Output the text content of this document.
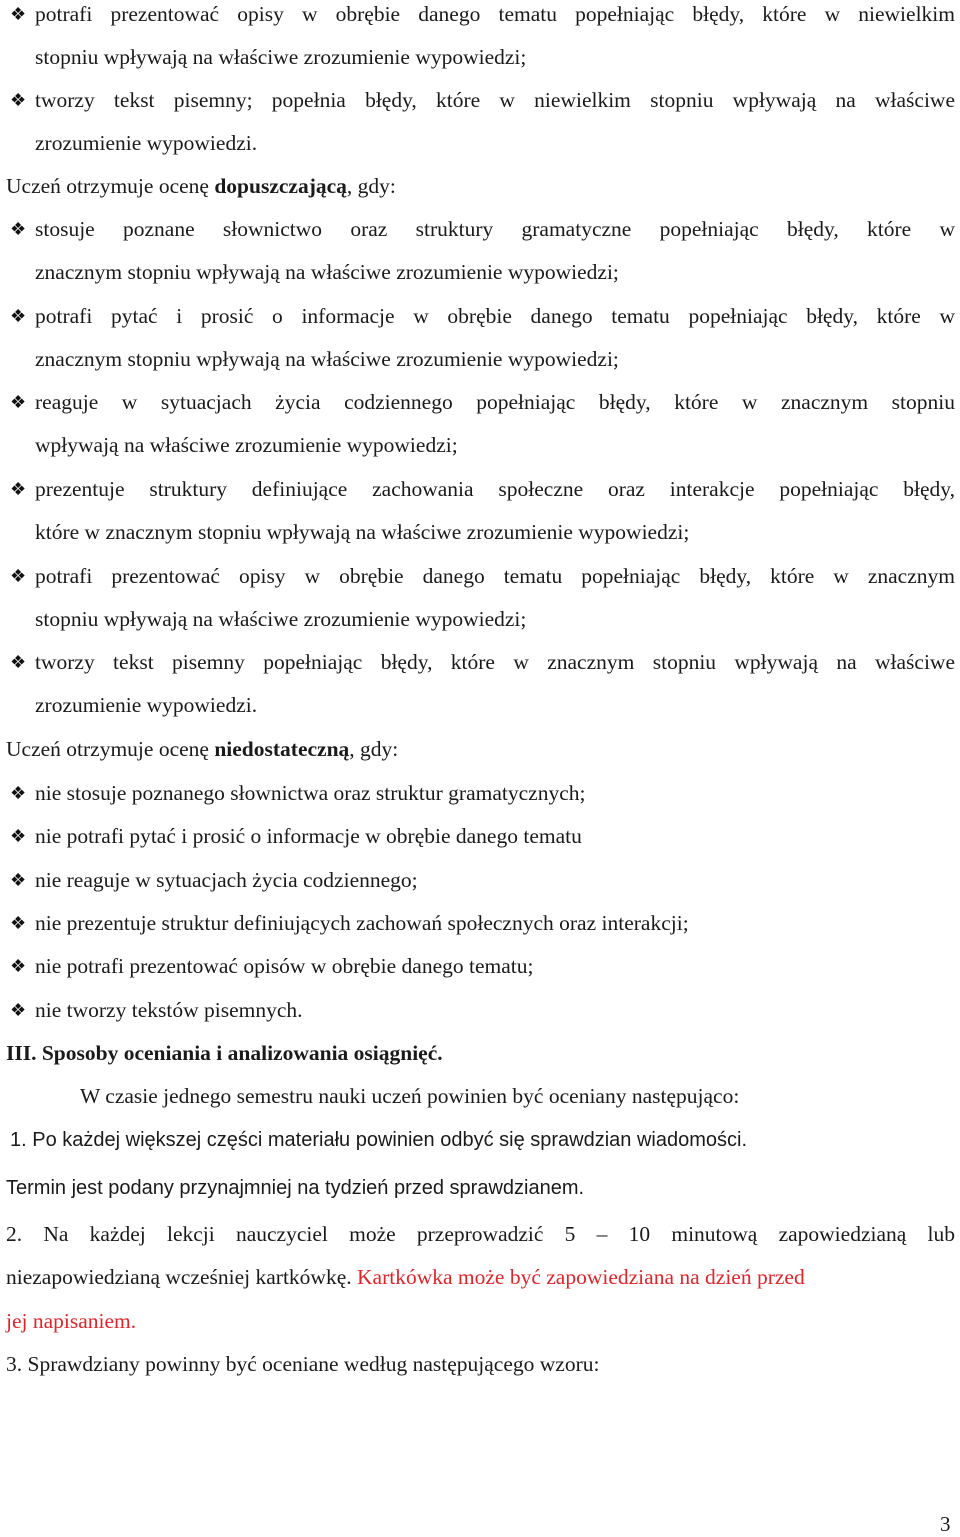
❖ potrafi prezentować opisy w obrębie danego tematu popełniając błędy, które w niewielkim
stopniu wpływają na właściwe zrozumienie wypowiedzi;
❖ tworzy tekst pisemny; popełnia błędy, które w niewielkim stopniu wpływają na właściwe
zrozumienie wypowiedzi.
Uczeń otrzymuje ocenę dopuszczającą, gdy:
❖ stosuje poznane słownictwo oraz struktury gramatyczne popełniając błędy, które w
znacznym stopniu wpływają na właściwe zrozumienie wypowiedzi;
❖ potrafi pytać i prosić o informacje w obrębie danego tematu popełniając błędy, które w
znacznym stopniu wpływają na właściwe zrozumienie wypowiedzi;
❖ reaguje w sytuacjach życia codziennego popełniając błędy, które w znacznym stopniu
wpływają na właściwe zrozumienie wypowiedzi;
❖ prezentuje struktury definiujące zachowania społeczne oraz interakcje popełniając błędy,
które w znacznym stopniu wpływają na właściwe zrozumienie wypowiedzi;
❖ potrafi prezentować opisy w obrębie danego tematu popełniając błędy, które w znacznym
stopniu wpływają na właściwe zrozumienie wypowiedzi;
❖ tworzy tekst pisemny popełniając błędy, które w znacznym stopniu wpływają na właściwe
zrozumienie wypowiedzi.
Uczeń otrzymuje ocenę niedostateczną, gdy:
❖ nie stosuje poznanego słownictwa oraz struktur gramatycznych;
❖ nie potrafi pytać i prosić o informacje w obrębie danego tematu
❖ nie reaguje w sytuacjach życia codziennego;
❖ nie prezentuje struktur definiujących zachowań społecznych oraz interakcji;
❖ nie potrafi prezentować opisów w obrębie danego tematu;
❖ nie tworzy tekstów pisemnych.
III. Sposoby oceniania i analizowania osiągnięć.
W czasie jednego semestru nauki uczeń powinien być oceniany następująco:
1. Po każdej większej części materiału powinien odbyć się sprawdzian wiadomości.
Termin jest podany przynajmniej na tydzień przed sprawdzianem.
2. Na każdej lekcji nauczyciel może przeprowadzić 5 – 10 minutową zapowiedzianą lub
niezapowiedzianą wcześniej kartkówkę. Kartkówka może być zapowiedziana na dzień przed
jej napisaniem.
3. Sprawdziany powinny być oceniane według następującego wzoru:
3
